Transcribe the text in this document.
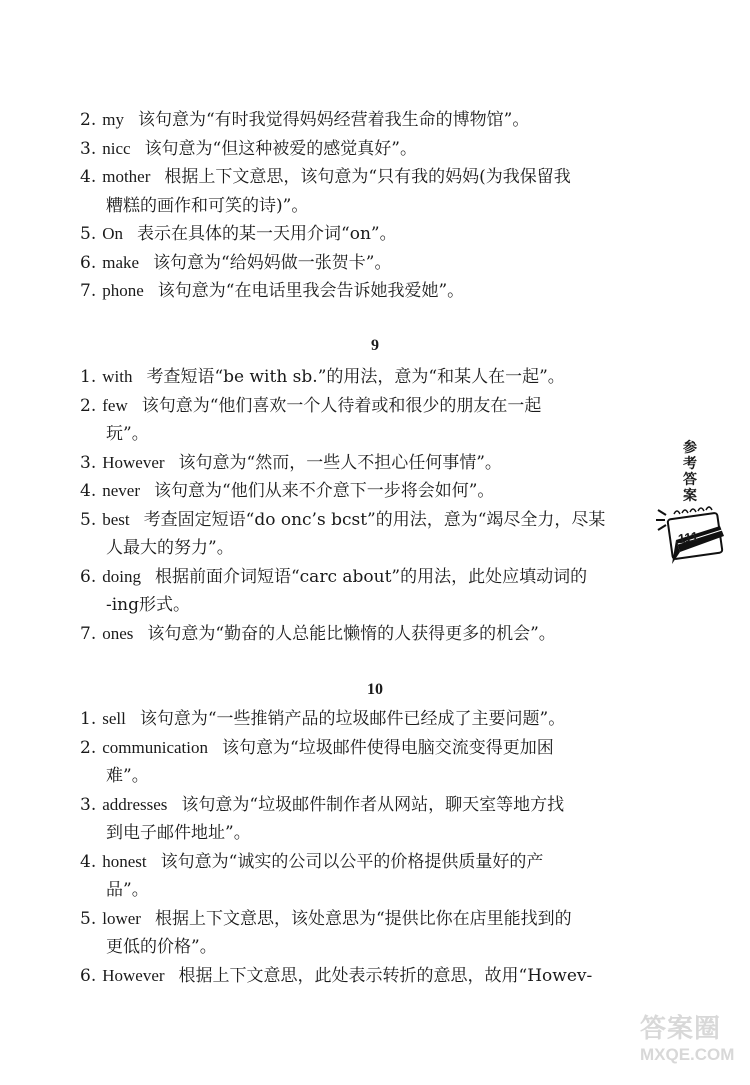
2. my 该句意为“有时我觉得妈妈经营着我生命的博物馆”。
3. nicc 该句意为“但这种被爱的感觉真好”。
4. mother 根据上下文意思，该句意为“只有我的妈妈(为我保留我
糟糕的画作和可笑的诗)”。
5. On 表示在具体的某一天用介词“on”。
6. make 该句意为“给妈妈做一张贺卡”。
7. phone 该句意为“在电话里我会告诉她我爱她”。
9
1. with 考查短语“be with sb.”的用法，意为“和某人在一起”。
2. few 该句意为“他们喜欢一个人待着或和很少的朋友在一起
玩”。
3. However 该句意为“然而，一些人不担心任何事情”。
4. never 该句意为“他们从来不介意下一步将会如何”。
5. best 考查固定短语“do onc’s bcst”的用法，意为“竭尽全力，尽某
人最大的努力”。
6. doing 根据前面介词短语“carc about”的用法，此处应填动词的
-ing形式。
7. ones 该句意为“勤奋的人总能比懒惰的人获得更多的机会”。
10
1. sell 该句意为“一些推销产品的垃圾邮件已经成了主要问题”。
2. communication 该句意为“垃圾邮件使得电脑交流变得更加困
难”。
3. addresses 该句意为“垃圾邮件制作者从网站，聊天室等地方找
到电子邮件地址”。
4. honest 该句意为“诚实的公司以公平的价格提供质量好的产
品”。
5. lower 根据上下文意思，该处意思为“提供比你在店里能找到的
更低的价格”。
6. However 根据上下文意思，此处表示转折的意思，故用“Howev-
参
考
答
案
111
答案圈
MXQE.COM
